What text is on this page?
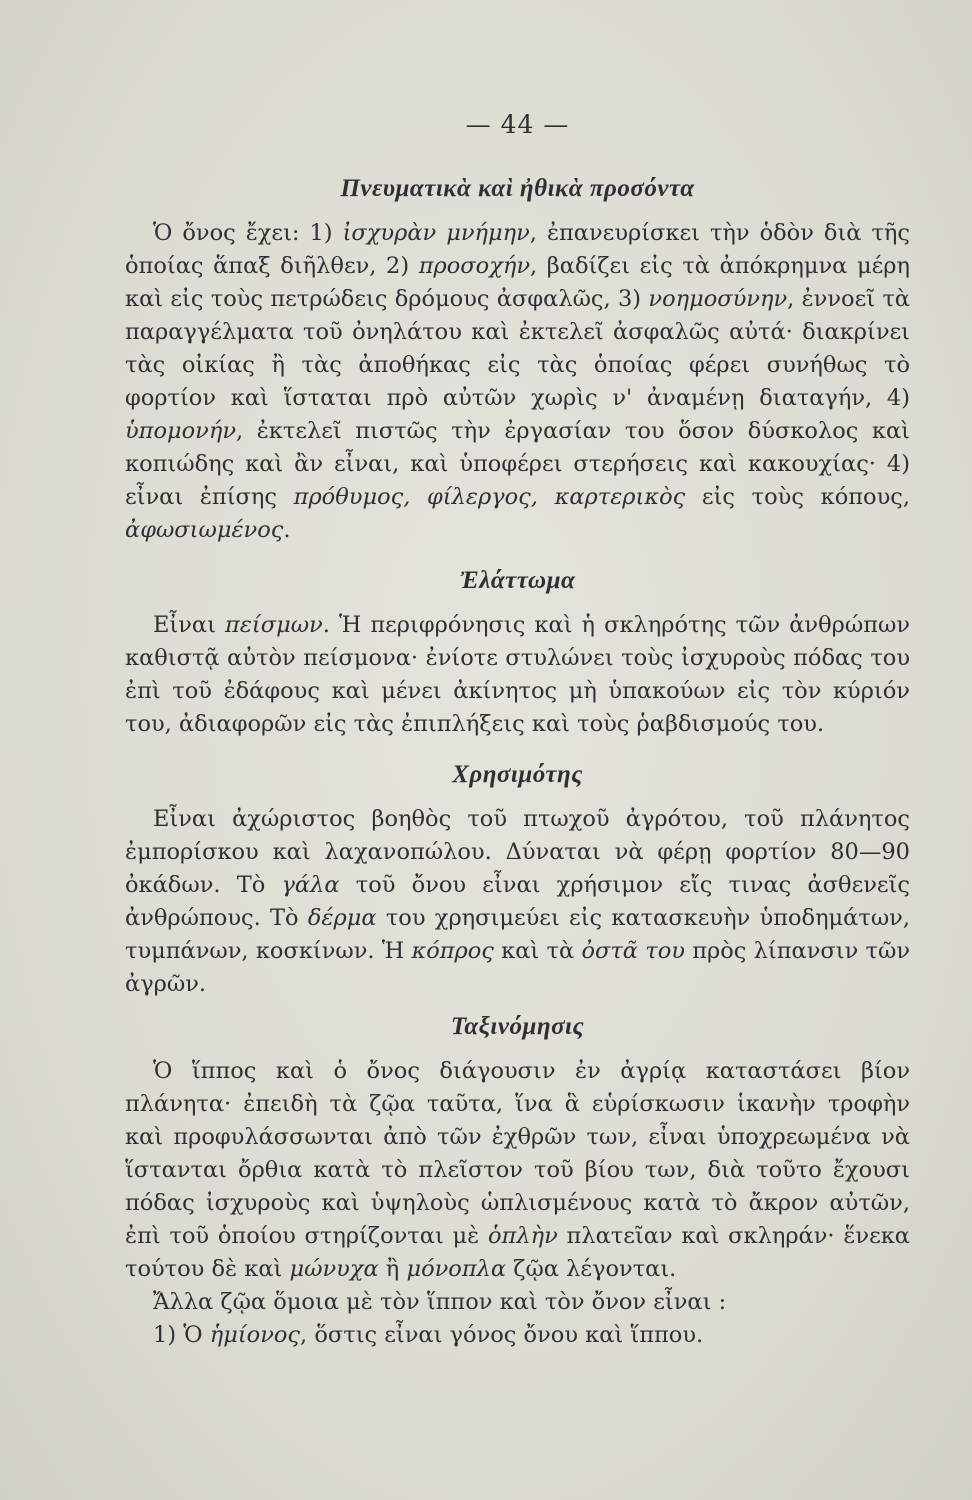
— 44 —
Πνευματικὰ καὶ ἠθικὰ προσόντα

Ὁ ὄνος ἔχει: 1) ἰσχυρὰν μνήμην, ἐπανευρίσκει τὴν ὁδὸν διὰ τῆς ὁποίας ἅπαξ διῆλθεν, 2) προσοχήν, βαδίζει εἰς τὰ ἀπόκρημνα μέρη καὶ εἰς τοὺς πετρώδεις δρόμους ἀσφαλῶς, 3) νοημοσύνην, ἐννοεῖ τὰ παραγγέλματα τοῦ ὀνηλάτου καὶ ἐκτελεῖ ἀσφαλῶς αὐτά· διακρίνει τὰς οἰκίας ἢ τὰς ἀποθήκας εἰς τὰς ὁποίας φέρει συνήθως τὸ φορτίον καὶ ἵσταται πρὸ αὐτῶν χωρὶς ν' ἀναμένῃ διαταγήν, 4) ὑπομονήν, ἐκτελεῖ πιστῶς τὴν ἐργασίαν του ὅσον δύσκολος καὶ κοπιώδης καὶ ἂν εἶναι, καὶ ὑποφέρει στερήσεις καὶ κακουχίας· 4) εἶναι ἐπίσης πρόθυμος, φίλεργος, καρτερικὸς εἰς τοὺς κόπους, ἀφωσιωμένος.

Ἐλάττωμα

Εἶναι πείσμων. Ἡ περιφρόνησις καὶ ἡ σκληρότης τῶν ἀνθρώπων καθιστᾷ αὐτὸν πείσμονα· ἐνίοτε στυλώνει τοὺς ἰσχυροὺς πόδας του ἐπὶ τοῦ ἐδάφους καὶ μένει ἀκίνητος μὴ ὑπακούων εἰς τὸν κύριόν του, ἀδιαφορῶν εἰς τὰς ἐπιπλήξεις καὶ τοὺς ῥαβδισμούς του.

Χρησιμότης

Εἶναι ἀχώριστος βοηθὸς τοῦ πτωχοῦ ἀγρότου, τοῦ πλάνητος ἐμπορίσκου καὶ λαχανοπώλου. Δύναται νὰ φέρῃ φορτίον 80—90 ὀκάδων. Τὸ γάλα τοῦ ὄνου εἶναι χρήσιμον εἴς τινας ἀσθενεῖς ἀνθρώπους. Τὸ δέρμα του χρησιμεύει εἰς κατασκευὴν ὑποδημάτων, τυμπάνων, κοσκίνων. Ἡ κόπρος καὶ τὰ ὀστᾶ του πρὸς λίπανσιν τῶν ἀγρῶν.

Ταξινόμησις

Ὁ ἵππος καὶ ὁ ὄνος διάγουσιν ἐν ἀγρίᾳ καταστάσει βίον πλάνητα· ἐπειδὴ τὰ ζῷα ταῦτα, ἵνα ἃ εὑρίσκωσιν ἱκανὴν τροφὴν καὶ προφυλάσσωνται ἀπὸ τῶν ἐχθρῶν των, εἶναι ὑποχρεωμένα νὰ ἵστανται ὄρθια κατὰ τὸ πλεῖστον τοῦ βίου των, διὰ τοῦτο ἔχουσι πόδας ἰσχυροὺς καὶ ὑψηλοὺς ὡπλισμένους κατὰ τὸ ἄκρον αὐτῶν, ἐπὶ τοῦ ὁποίου στηρίζονται μὲ ὁπλὴν πλατεῖαν καὶ σκληράν· ἕνεκα τούτου δὲ καὶ μώνυχα ἢ μόνοπλα ζῷα λέγονται.

Ἄλλα ζῷα ὅμοια μὲ τὸν ἵππον καὶ τὸν ὄνον εἶναι :

1) Ὁ ἡμίονος, ὅστις εἶναι γόνος ὄνου καὶ ἵππου.
